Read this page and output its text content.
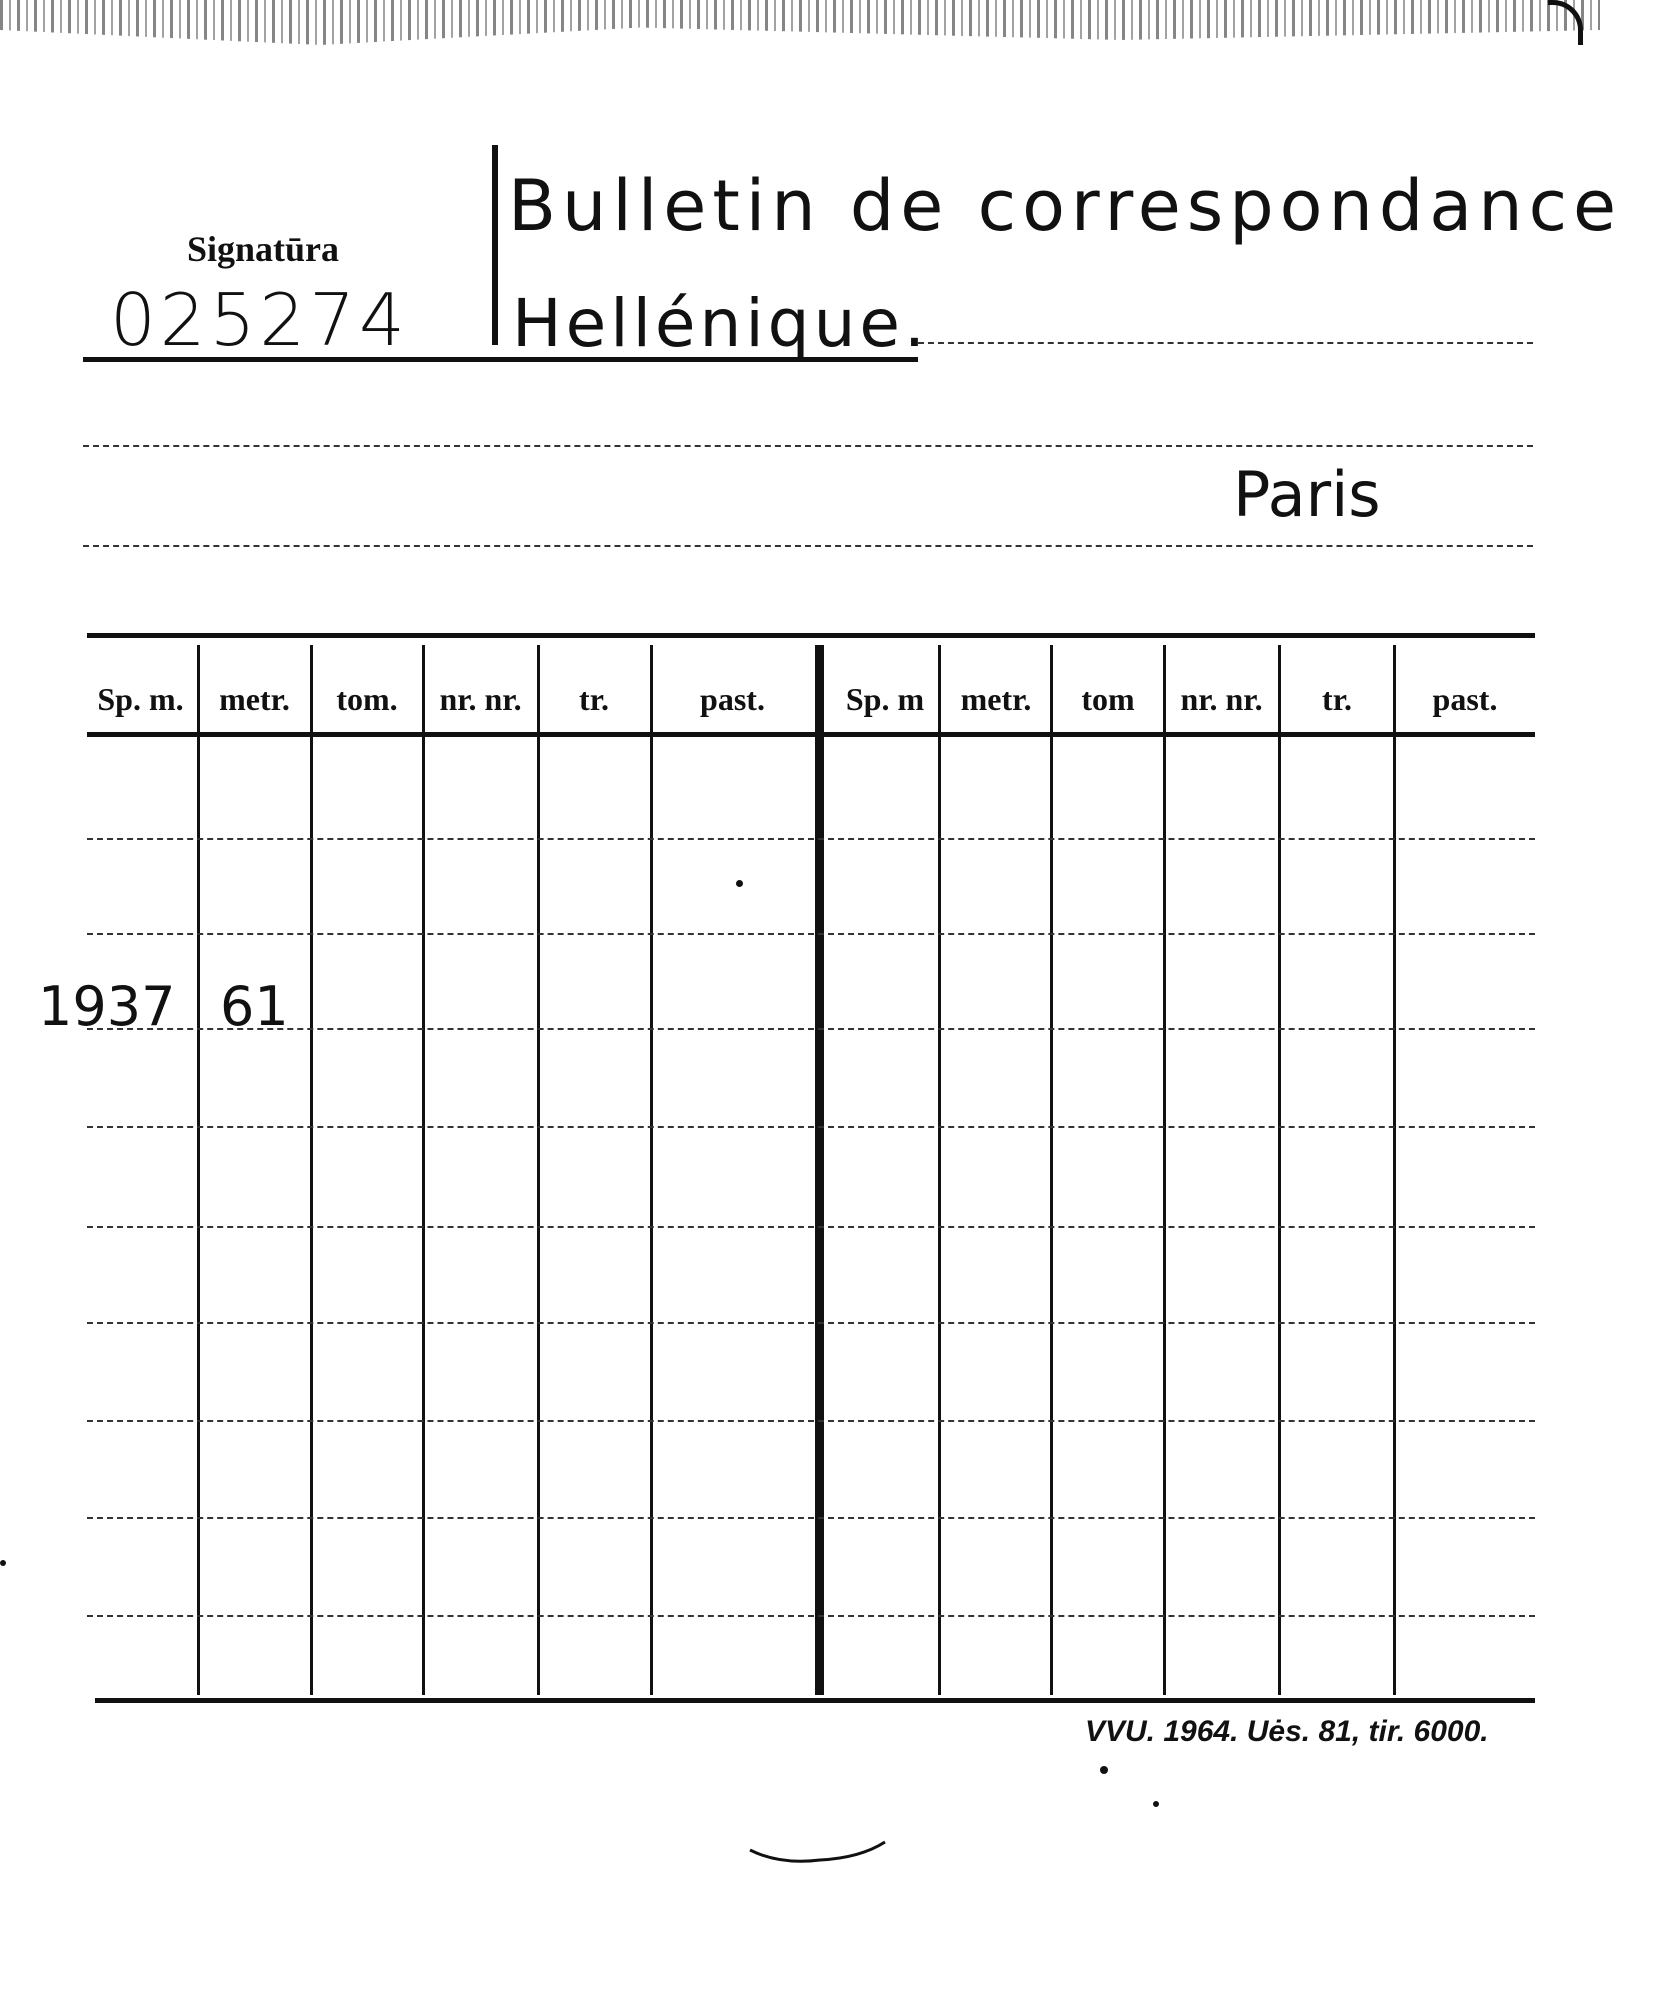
Signatūra
025274
Bulletin de correspondance
Hellénique.
Paris
Sp. m.	metr.	tom.	nr. nr.	tr.	past.	Sp. m	metr.	tom	nr. nr.	tr.	past.
1937 61
VVU. 1964. Uės. 81, tir. 6000.
